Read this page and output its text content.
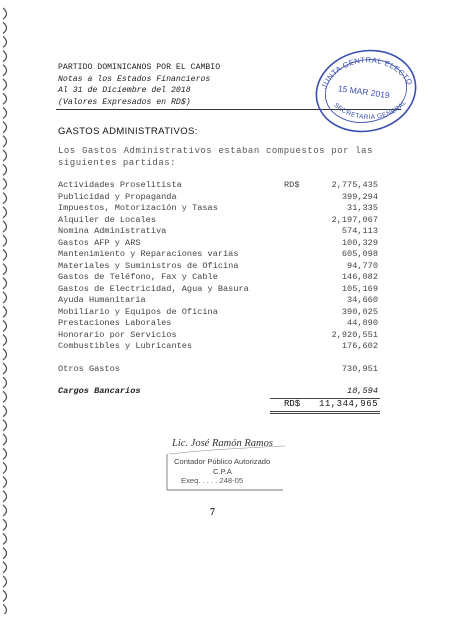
PARTIDO DOMINICANOS POR EL CAMBIO
Notas a los Estados Financieros
Al 31 de Diciembre del 2018
(Valores Expresados en RD$)
JUNTA CENTRAL ELECTO
15 MAR 2019
SECRETARIA GENERAL
GASTOS ADMINISTRATIVOS:
Los Gastos Administrativos estaban compuestos por las
siguientes partidas:
Actividades Proselitista	RD$	2,775,435
Publicidad y Propaganda	399,294
Impuestos, Motorización y Tasas	31,335
Alquiler de Locales	2,197,067
Nomina Administrativa	574,113
Gastos AFP y ARS	100,329
Mantenimiento y Reparaciones varias	605,098
Materiales y Suministros de Oficina	94,770
Gastos de Teléfono, Fax y Cable	146,082
Gastos de Electricidad, Agua y Basura	105,169
Ayuda Humanitaria	34,660
Mobiliario y Equipos de Oficina	390,025
Prestaciones Laborales	44,890
Honorario por Servicios	2,920,551
Combustibles y Lubricantes	176,602
Otros Gastos	730,951
Cargos Bancarios	18,594
RD$ 11,344,965
Lic. José Ramón Ramos
Contador Público Autorizado
C.P.A
Exeq. . . . . 248-05
7
